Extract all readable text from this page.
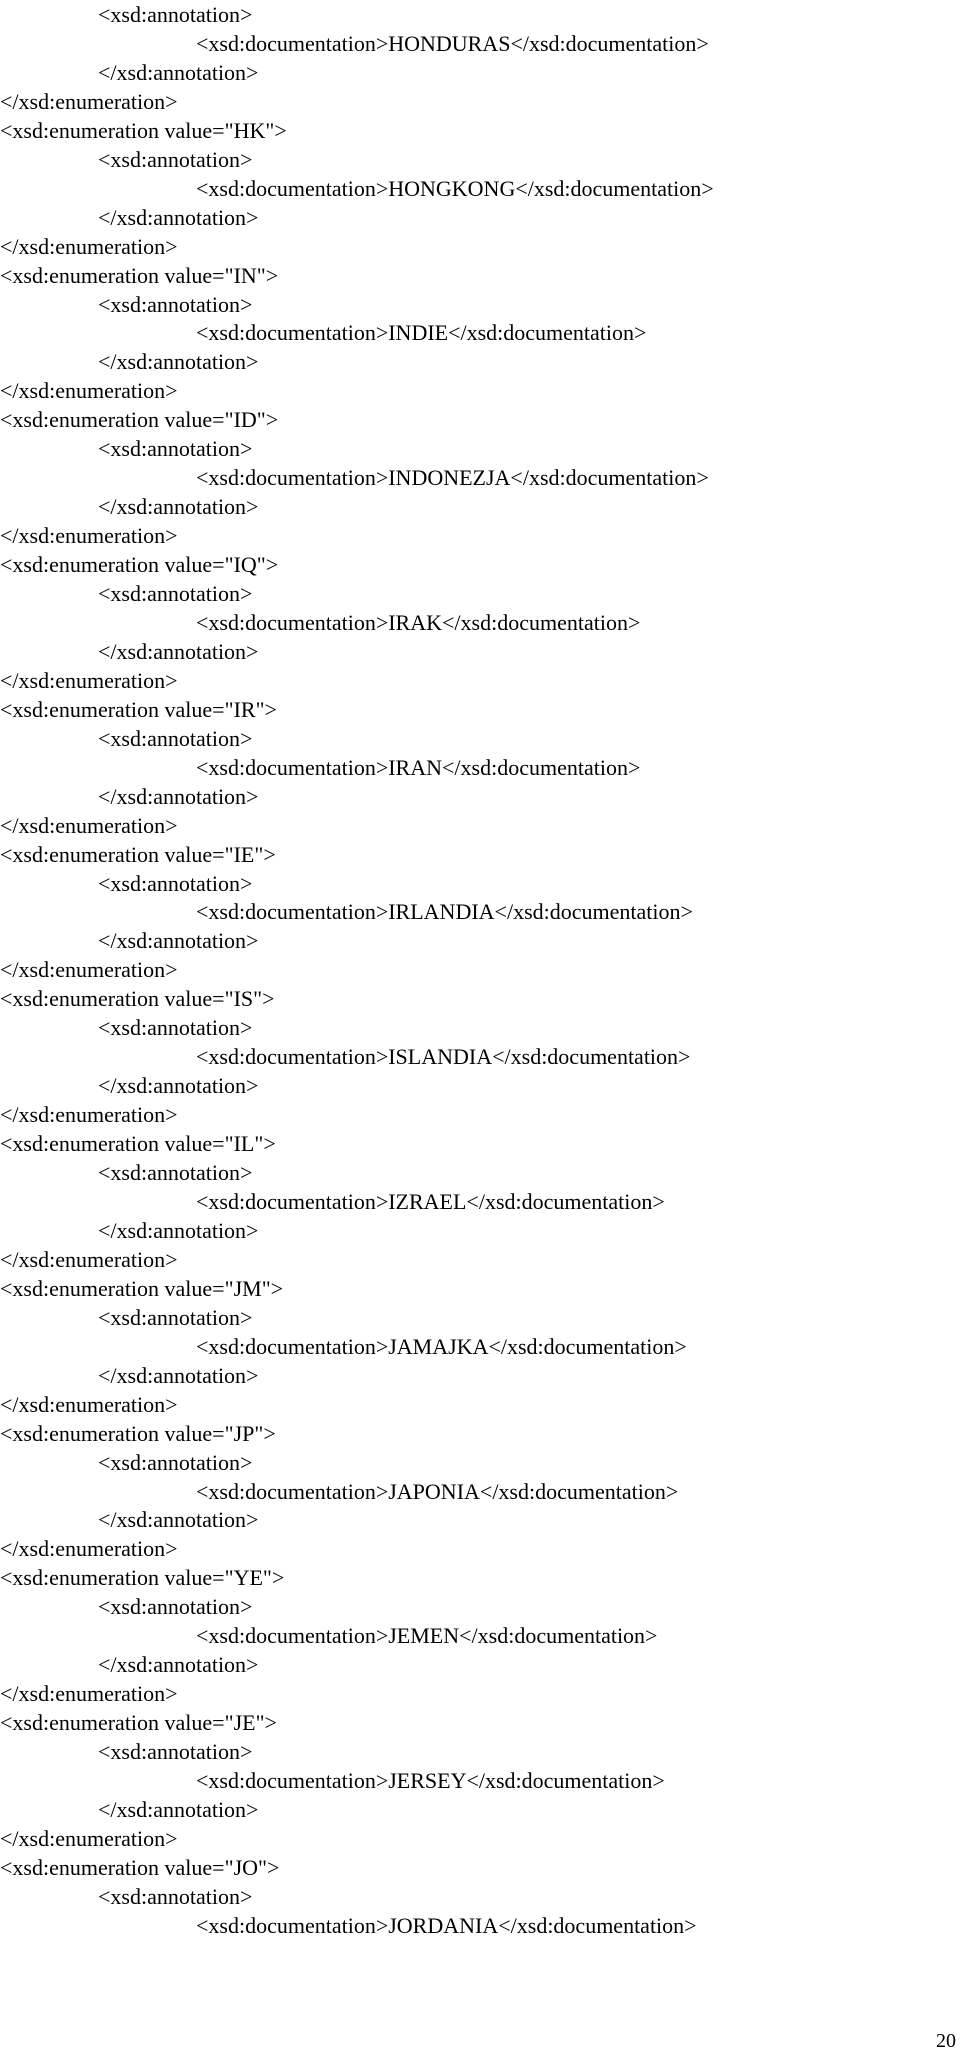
<xsd:annotation>
<xsd:documentation>HONDURAS</xsd:documentation>
</xsd:annotation>
</xsd:enumeration>
<xsd:enumeration value="HK">
<xsd:annotation>
<xsd:documentation>HONGKONG</xsd:documentation>
</xsd:annotation>
</xsd:enumeration>
<xsd:enumeration value="IN">
<xsd:annotation>
<xsd:documentation>INDIE</xsd:documentation>
</xsd:annotation>
</xsd:enumeration>
<xsd:enumeration value="ID">
<xsd:annotation>
<xsd:documentation>INDONEZJA</xsd:documentation>
</xsd:annotation>
</xsd:enumeration>
<xsd:enumeration value="IQ">
<xsd:annotation>
<xsd:documentation>IRAK</xsd:documentation>
</xsd:annotation>
</xsd:enumeration>
<xsd:enumeration value="IR">
<xsd:annotation>
<xsd:documentation>IRAN</xsd:documentation>
</xsd:annotation>
</xsd:enumeration>
<xsd:enumeration value="IE">
<xsd:annotation>
<xsd:documentation>IRLANDIA</xsd:documentation>
</xsd:annotation>
</xsd:enumeration>
<xsd:enumeration value="IS">
<xsd:annotation>
<xsd:documentation>ISLANDIA</xsd:documentation>
</xsd:annotation>
</xsd:enumeration>
<xsd:enumeration value="IL">
<xsd:annotation>
<xsd:documentation>IZRAEL</xsd:documentation>
</xsd:annotation>
</xsd:enumeration>
<xsd:enumeration value="JM">
<xsd:annotation>
<xsd:documentation>JAMAJKA</xsd:documentation>
</xsd:annotation>
</xsd:enumeration>
<xsd:enumeration value="JP">
<xsd:annotation>
<xsd:documentation>JAPONIA</xsd:documentation>
</xsd:annotation>
</xsd:enumeration>
<xsd:enumeration value="YE">
<xsd:annotation>
<xsd:documentation>JEMEN</xsd:documentation>
</xsd:annotation>
</xsd:enumeration>
<xsd:enumeration value="JE">
<xsd:annotation>
<xsd:documentation>JERSEY</xsd:documentation>
</xsd:annotation>
</xsd:enumeration>
<xsd:enumeration value="JO">
<xsd:annotation>
<xsd:documentation>JORDANIA</xsd:documentation>
20
